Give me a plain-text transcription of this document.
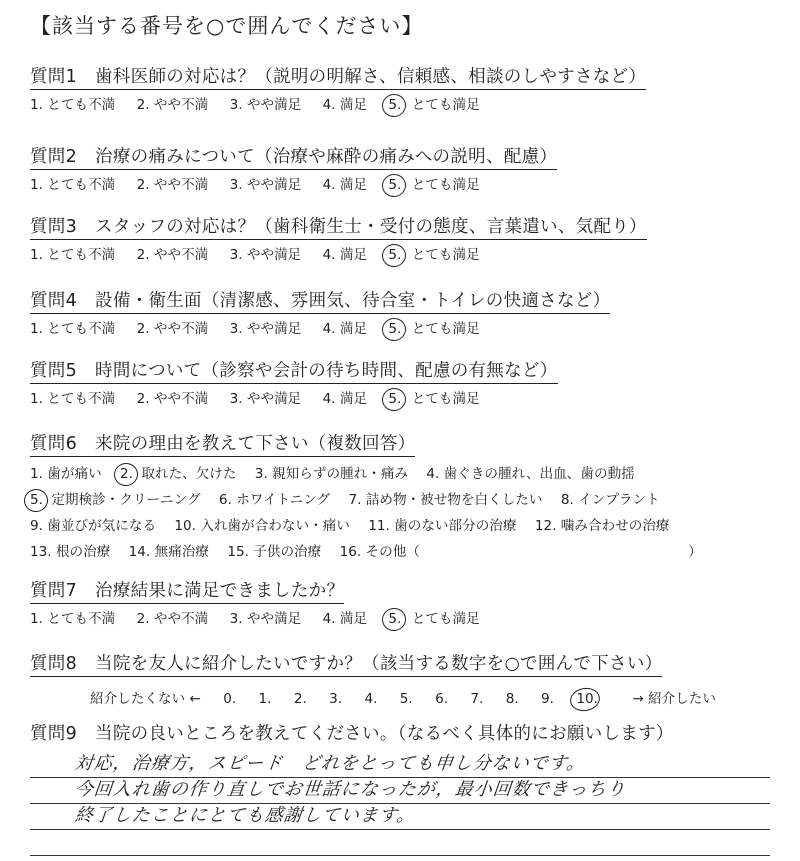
【該当する番号を○で囲んでください】
質問1 歯科医師の対応は？（説明の明解さ、信頼感、相談のしやすさなど）
1. とても不満 2. やや不満 3. やや満足 4. 満足 5. とても満足
質問2 治療の痛みについて（治療や麻酔の痛みへの説明、配慮）
1. とても不満 2. やや不満 3. やや満足 4. 満足 5. とても満足
質問3 スタッフの対応は？（歯科衛生士・受付の態度、言葉遣い、気配り）
1. とても不満 2. やや不満 3. やや満足 4. 満足 5. とても満足
質問4 設備・衛生面（清潔感、雰囲気、待合室・トイレの快適さなど）
1. とても不満 2. やや不満 3. やや満足 4. 満足 5. とても満足
質問5 時間について（診察や会計の待ち時間、配慮の有無など）
1. とても不満 2. やや不満 3. やや満足 4. 満足 5. とても満足
質問6 来院の理由を教えて下さい（複数回答）
1. 歯が痛い 2. 取れた、欠けた 3. 親知らずの腫れ・痛み 4. 歯ぐきの腫れ、出血、歯の動揺
5. 定期検診・クリーニング 6. ホワイトニング 7. 詰め物・被せ物を白くしたい 8. インプラント
9. 歯並びが気になる 10. 入れ歯が合わない・痛い 11. 歯のない部分の治療 12. 噛み合わせの治療
13. 根の治療 14. 無痛治療 15. 子供の治療 16. その他（	）
質問7 治療結果に満足できましたか？
1. とても不満 2. やや不満 3. やや満足 4. 満足 5. とても満足
質問8 当院を友人に紹介したいですか？（該当する数字を○で囲んで下さい）
紹介したくない ← 0. 1. 2. 3. 4. 5. 6. 7. 8. 9. 10.	→ 紹介したい
質問9 当院の良いところを教えてください。（なるべく具体的にお願いします）
対応，治療方，スピード　どれをとっても申し分ないです。
今回入れ歯の作り直しでお世話になったが，最小回数できっちり
終了したことにとても感謝しています。
